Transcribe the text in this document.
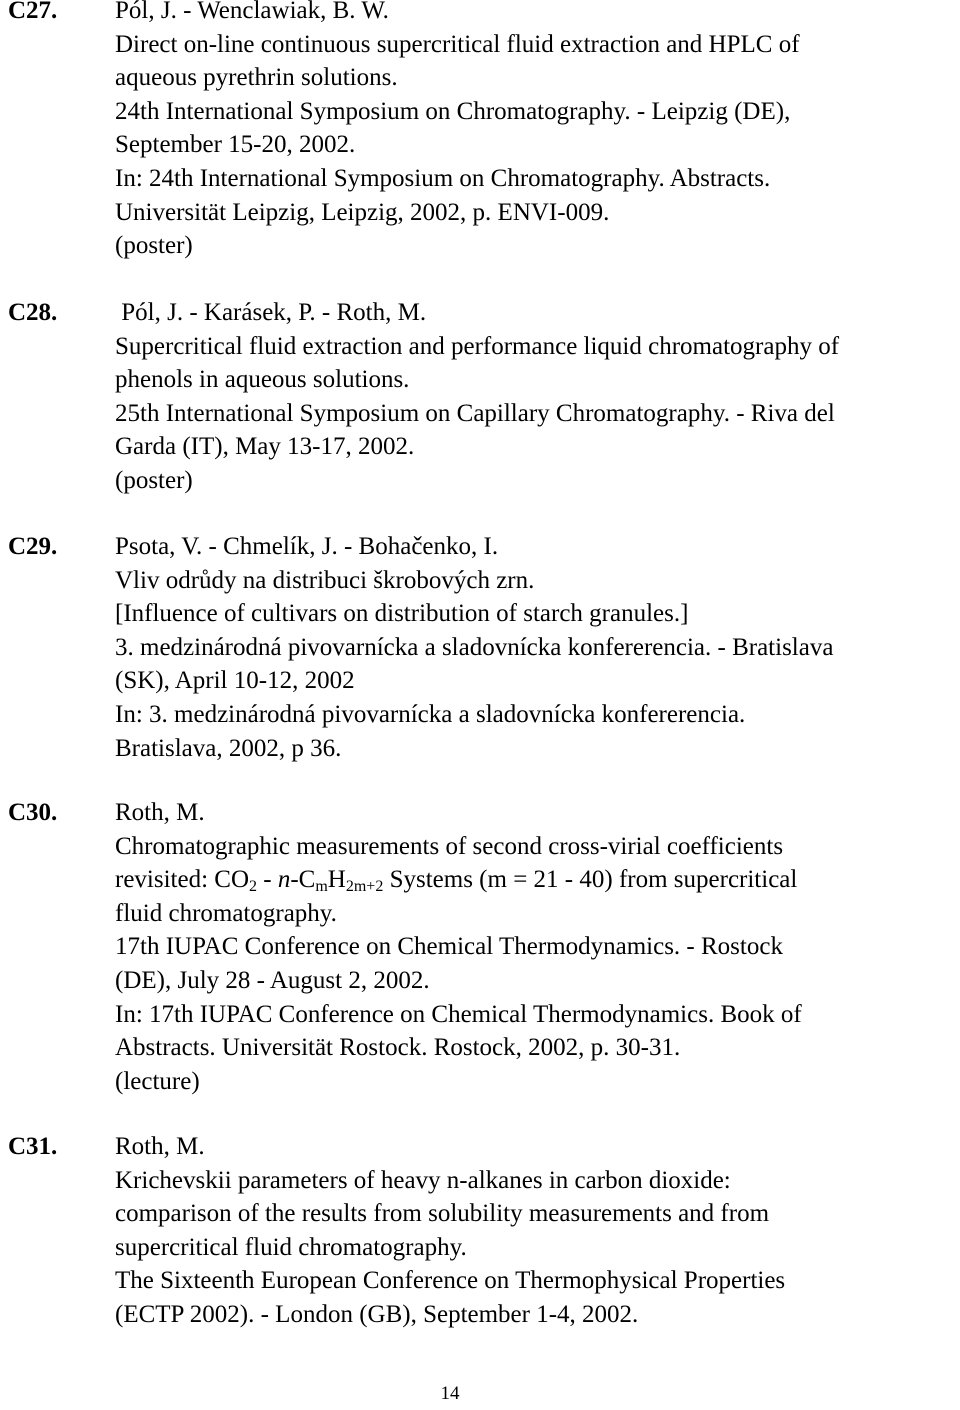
C27. Pól, J. - Wenclawiak, B. W.
Direct on-line continuous supercritical fluid extraction and HPLC of
aqueous pyrethrin solutions.
24th International Symposium on Chromatography. - Leipzig (DE),
September 15-20, 2002.
In: 24th International Symposium on Chromatography. Abstracts.
Universität Leipzig, Leipzig, 2002, p. ENVI-009.
(poster)
C28. Pól, J. - Karásek, P. - Roth, M.
Supercritical fluid extraction and performance liquid chromatography of
phenols in aqueous solutions.
25th International Symposium on Capillary Chromatography. - Riva del
Garda (IT), May 13-17, 2002.
(poster)
C29. Psota, V. - Chmelík, J. - Bohačenko, I.
Vliv odrůdy na distribuci škrobových zrn.
[Influence of cultivars on distribution of starch granules.]
3. medzinárodná pivovarnícka a sladovnícka konfererencia. - Bratislava
(SK), April 10-12, 2002
In: 3. medzinárodná pivovarnícka a sladovnícka konfererencia.
Bratislava, 2002, p 36.
C30. Roth, M.
Chromatographic measurements of second cross-virial coefficients
revisited: $CO_2 - n-C_mH_{2m+2}$ Systems (m = 21 - 40) from supercritical
fluid chromatography.
17th IUPAC Conference on Chemical Thermodynamics. - Rostock
(DE), July 28 - August 2, 2002.
In: 17th IUPAC Conference on Chemical Thermodynamics. Book of
Abstracts. Universität Rostock. Rostock, 2002, p. 30-31.
(lecture)
C31. Roth, M.
Krichevskii parameters of heavy n-alkanes in carbon dioxide:
comparison of the results from solubility measurements and from
supercritical fluid chromatography.
The Sixteenth European Conference on Thermophysical Properties
(ECTP 2002). - London (GB), September 1-4, 2002.
14
